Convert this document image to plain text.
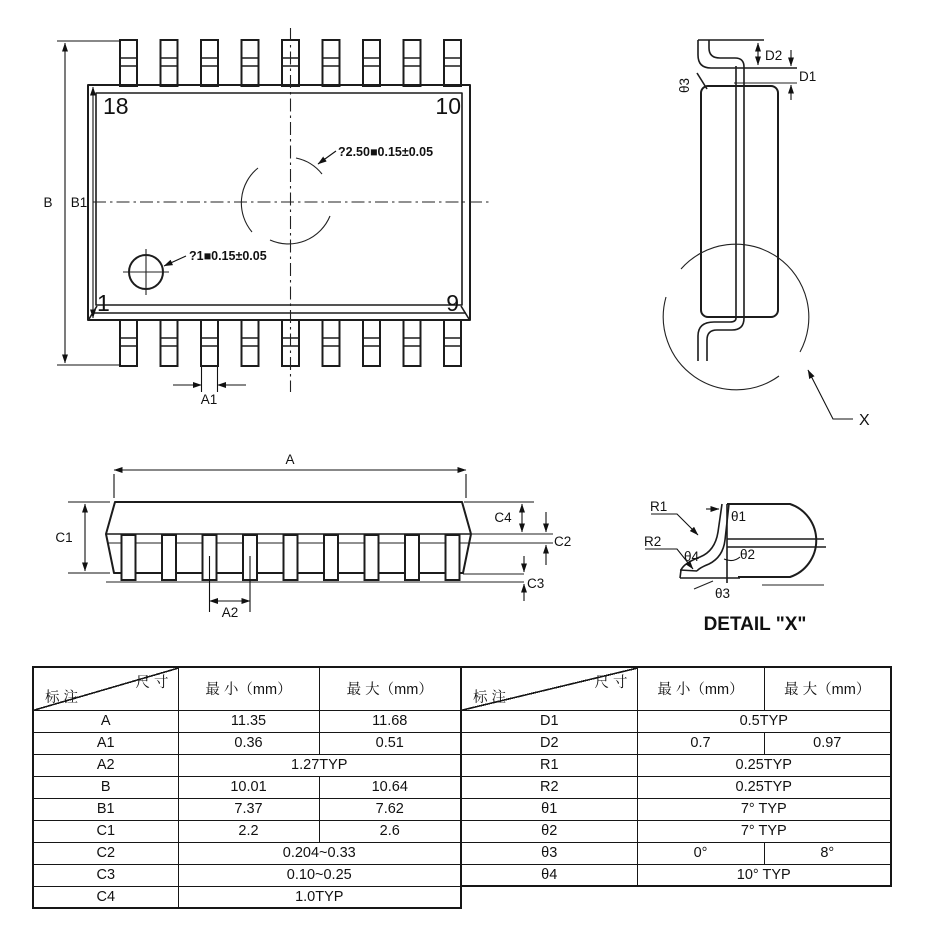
18	10
1	9
B B1
A1
?2.50■0.15±0.05
?1■0.15±0.05
D2
D1
θ3
X
A
C1
C4
C2
C3
A2
R1
R2
θ1
θ2
θ4
θ3
DETAIL "X"
尺 寸
标 注	最 小（mm）	最 大（mm）
A	11.35	11.68
A1	0.36	0.51
A2	1.27TYP	
B	10.01	10.64
B1	7.37	7.62
C1	2.2	2.6
C2	0.204~0.33	
C3	0.10~0.25	
C4	1.0TYP	
尺 寸
标 注	最 小（mm）	最 大（mm）
D1	0.5TYP	
D2	0.7	0.97
R1	0.25TYP	
R2	0.25TYP	
θ1	7° TYP	
θ2	7° TYP	
θ3	0°	8°
θ4	10° TYP	
